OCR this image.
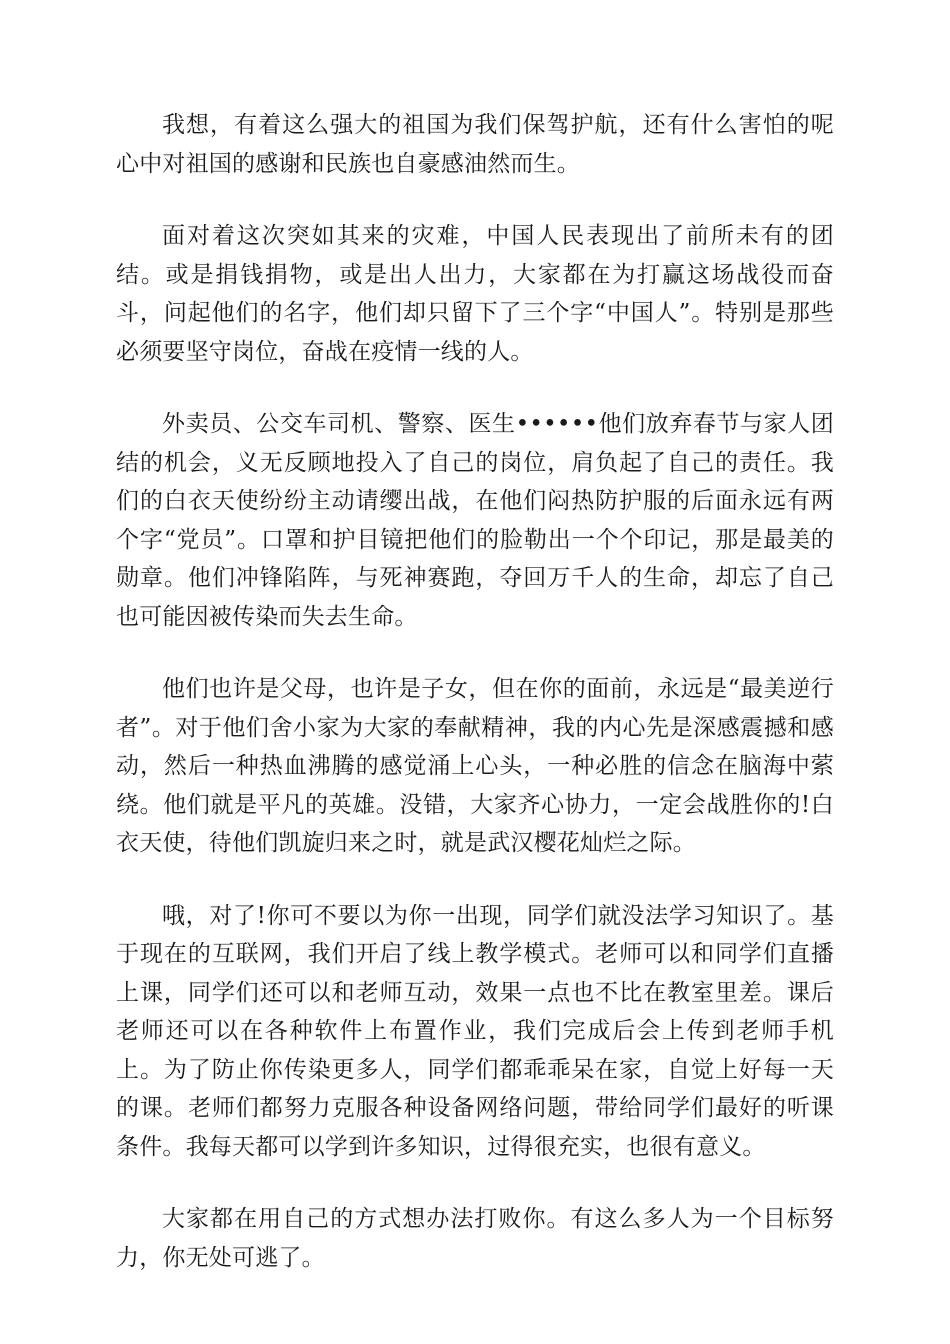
我想，有着这么强大的祖国为我们保驾护航，还有什么害怕的呢心中对祖国的感谢和民族也自豪感油然而生。

面对着这次突如其来的灾难，中国人民表现出了前所未有的团结。或是捐钱捐物，或是出人出力，大家都在为打赢这场战役而奋斗，问起他们的名字，他们却只留下了三个字“中国人”。特别是那些必须要坚守岗位，奋战在疫情一线的人。

外卖员、公交车司机、警察、医生••••••他们放弃春节与家人团结的机会，义无反顾地投入了自己的岗位，肩负起了自己的责任。我们的白衣天使纷纷主动请缨出战，在他们闷热防护服的后面永远有两个字“党员”。口罩和护目镜把他们的脸勒出一个个印记，那是最美的勋章。他们冲锋陷阵，与死神赛跑，夺回万千人的生命，却忘了自己也可能因被传染而失去生命。

他们也许是父母，也许是子女，但在你的面前，永远是“最美逆行者”。对于他们舍小家为大家的奉献精神，我的内心先是深感震撼和感动，然后一种热血沸腾的感觉涌上心头，一种必胜的信念在脑海中萦绕。他们就是平凡的英雄。没错，大家齐心协力，一定会战胜你的!白衣天使，待他们凯旋归来之时，就是武汉樱花灿烂之际。

哦，对了!你可不要以为你一出现，同学们就没法学习知识了。基于现在的互联网，我们开启了线上教学模式。老师可以和同学们直播上课，同学们还可以和老师互动，效果一点也不比在教室里差。课后老师还可以在各种软件上布置作业，我们完成后会上传到老师手机上。为了防止你传染更多人，同学们都乖乖呆在家，自觉上好每一天的课。老师们都努力克服各种设备网络问题，带给同学们最好的听课条件。我每天都可以学到许多知识，过得很充实，也很有意义。

大家都在用自己的方式想办法打败你。有这么多人为一个目标努力，你无处可逃了。
